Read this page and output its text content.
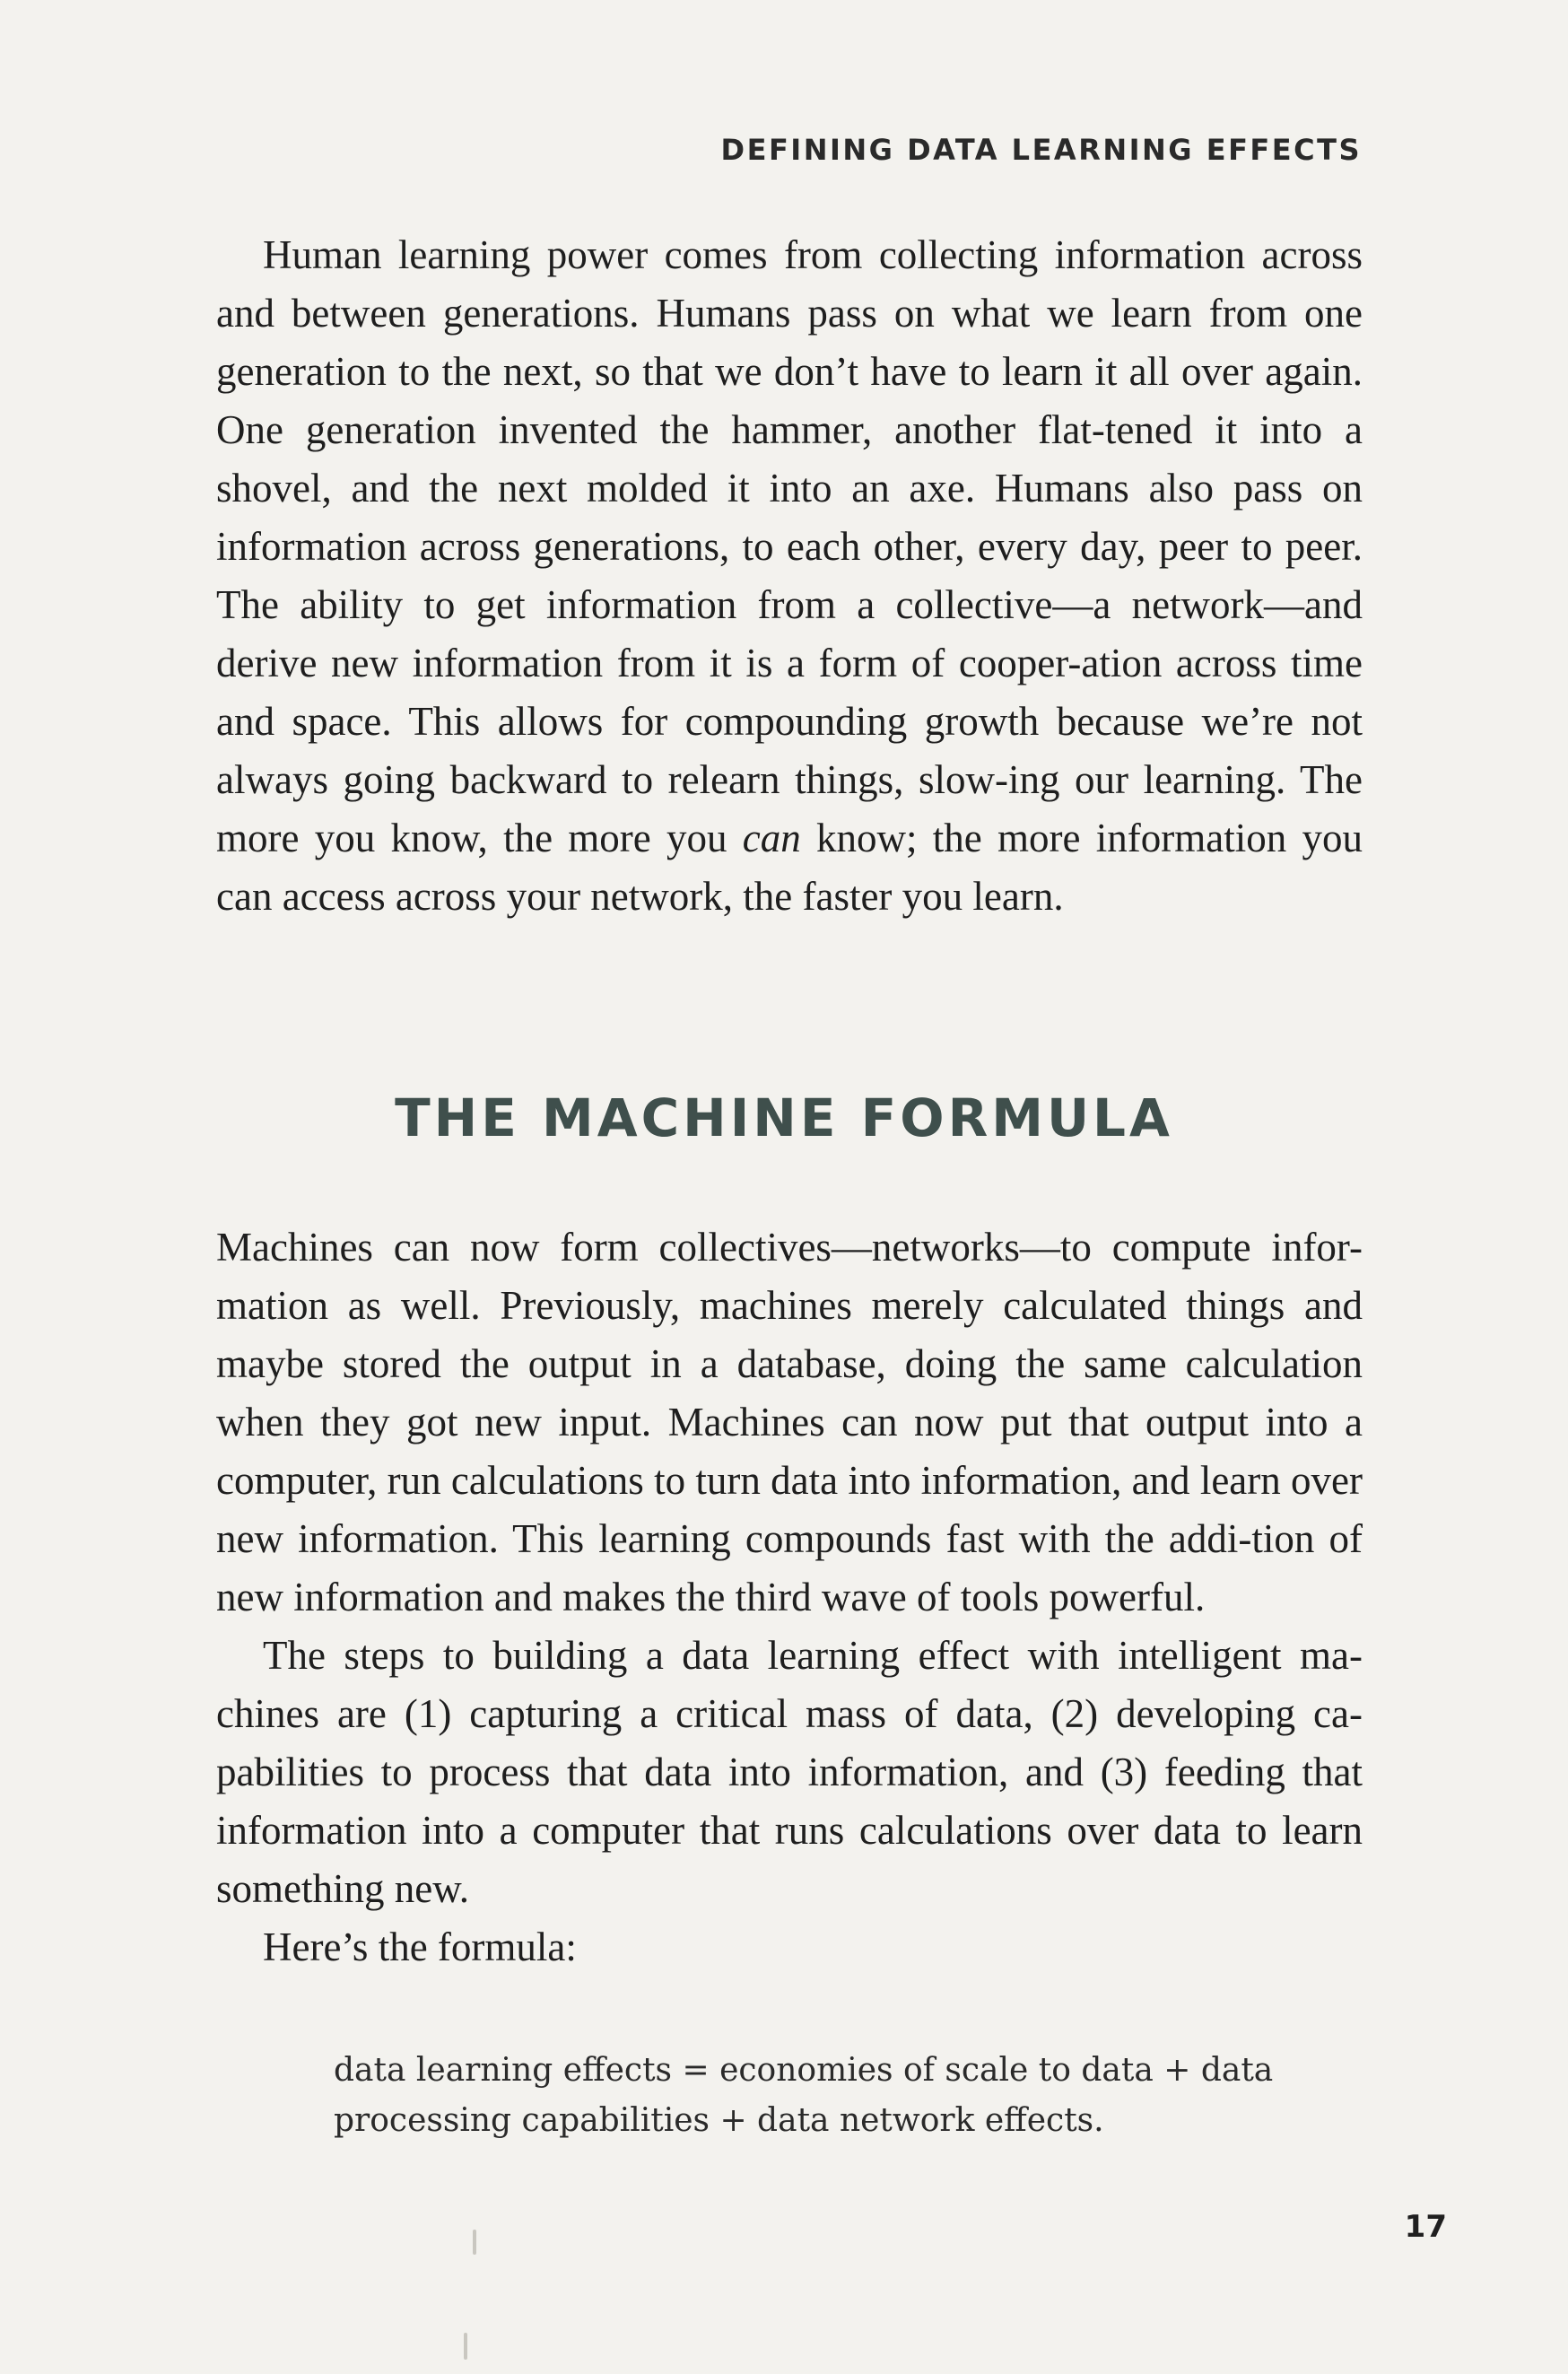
DEFINING DATA LEARNING EFFECTS

Human learning power comes from collecting information across and between generations. Humans pass on what we learn from one generation to the next, so that we don’t have to learn it all over again. One generation invented the hammer, another flat-tened it into a shovel, and the next molded it into an axe. Humans also pass on information across generations, to each other, every day, peer to peer. The ability to get information from a collective—a network—and derive new information from it is a form of cooper-ation across time and space. This allows for compounding growth because we’re not always going backward to relearn things, slow-ing our learning. The more you know, the more you can know; the more information you can access across your network, the faster you learn.

THE MACHINE FORMULA

Machines can now form collectives—networks—to compute infor-mation as well. Previously, machines merely calculated things and maybe stored the output in a database, doing the same calculation when they got new input. Machines can now put that output into a computer, run calculations to turn data into information, and learn over new information. This learning compounds fast with the addi-tion of new information and makes the third wave of tools powerful.

The steps to building a data learning effect with intelligent ma-chines are (1) capturing a critical mass of data, (2) developing ca-pabilities to process that data into information, and (3) feeding that information into a computer that runs calculations over data to learn something new.

Here’s the formula:

data learning effects = economies of scale to data + data

processing capabilities + data network effects.

17
